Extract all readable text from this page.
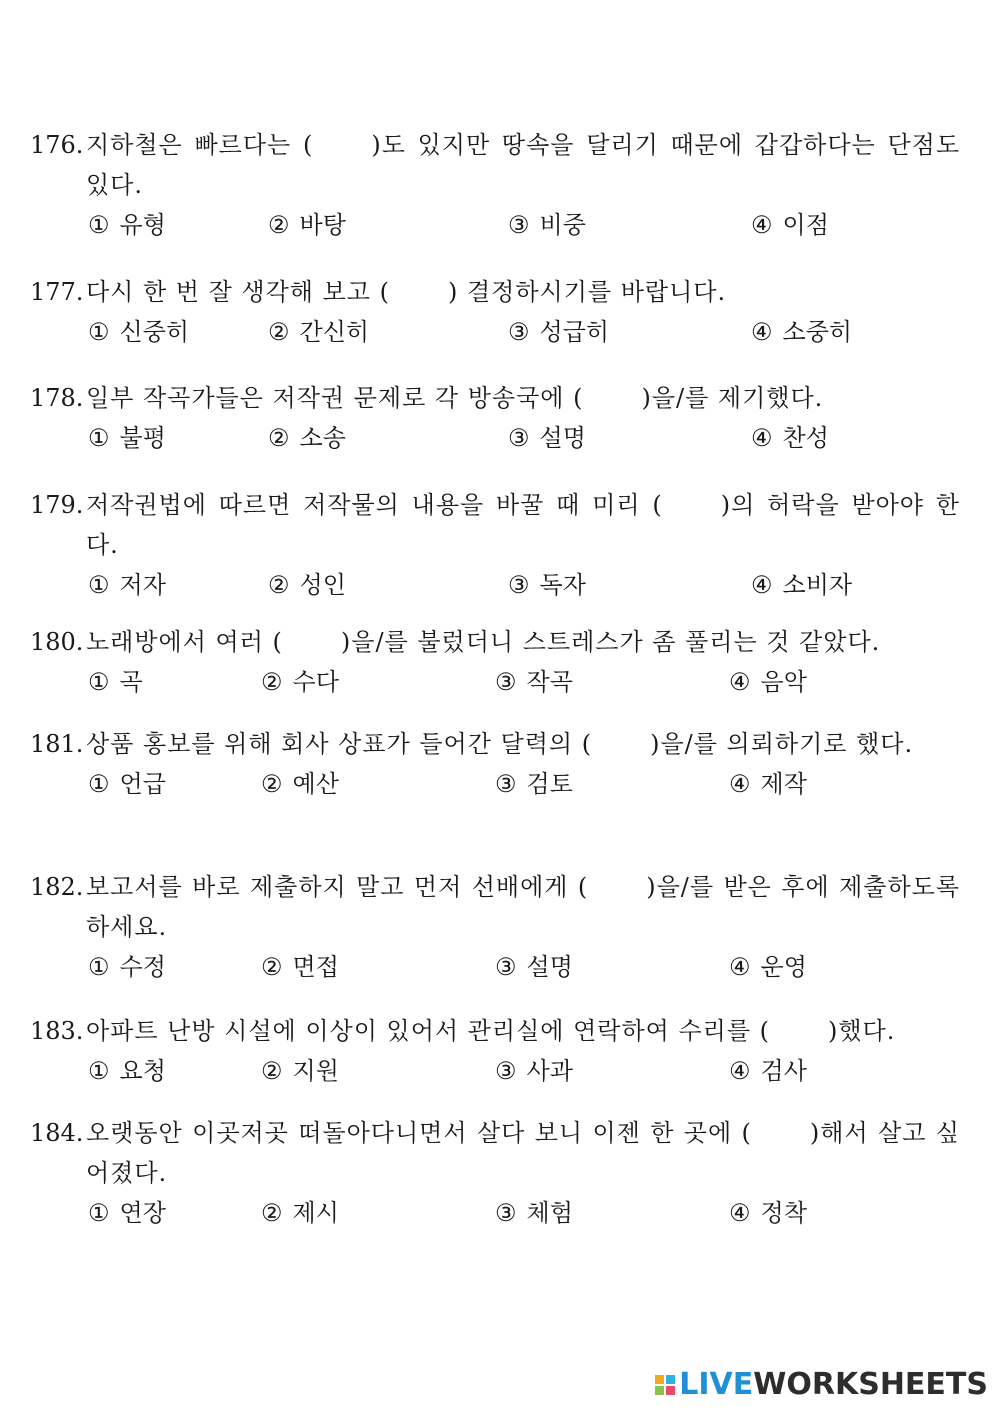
176. 지하철은 빠르다는 ( )도 있지만 땅속을 달리기 때문에 갑갑하다는 단점도 있다.
① 유형	② 바탕	③ 비중	④ 이점
177. 다시 한 번 잘 생각해 보고 ( ) 결정하시기를 바랍니다.
① 신중히	② 간신히	③ 성급히	④ 소중히
178. 일부 작곡가들은 저작권 문제로 각 방송국에 ( )을/를 제기했다.
① 불평	② 소송	③ 설명	④ 찬성
179. 저작권법에 따르면 저작물의 내용을 바꿀 때 미리 ( )의 허락을 받아야 한다.
① 저자	② 성인	③ 독자	④ 소비자
180. 노래방에서 여러 ( )을/를 불렀더니 스트레스가 좀 풀리는 것 같았다.
① 곡	② 수다	③ 작곡	④ 음악
181. 상품 홍보를 위해 회사 상표가 들어간 달력의 ( )을/를 의뢰하기로 했다.
① 언급	② 예산	③ 검토	④ 제작
182. 보고서를 바로 제출하지 말고 먼저 선배에게 ( )을/를 받은 후에 제출하도록 하세요.
① 수정	② 면접	③ 설명	④ 운영
183. 아파트 난방 시설에 이상이 있어서 관리실에 연락하여 수리를 ( )했다.
① 요청	② 지원	③ 사과	④ 검사
184. 오랫동안 이곳저곳 떠돌아다니면서 살다 보니 이젠 한 곳에 ( )해서 살고 싶어졌다.
① 연장	② 제시	③ 체험	④ 정착
LIVEWORKSHEETS
